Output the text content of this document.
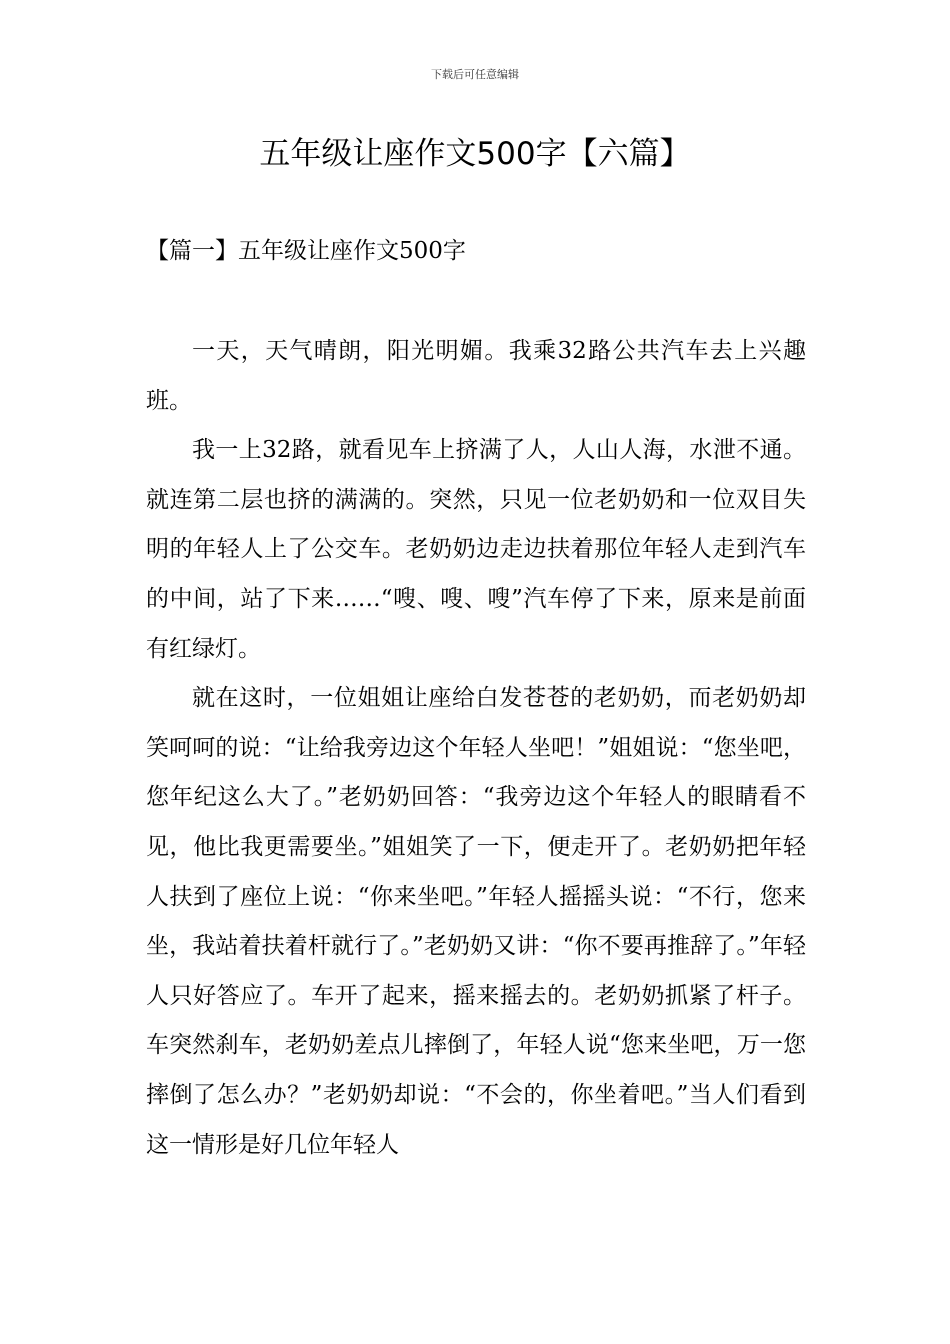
下载后可任意编辑
五年级让座作文500字【六篇】
【篇一】五年级让座作文500字

一天，天气晴朗，阳光明媚。我乘32路公共汽车去上兴趣班。

我一上32路，就看见车上挤满了人，人山人海，水泄不通。就连第二层也挤的满满的。突然，只见一位老奶奶和一位双目失明的年轻人上了公交车。老奶奶边走边扶着那位年轻人走到汽车的中间，站了下来……“嗖、嗖、嗖”汽车停了下来，原来是前面有红绿灯。

就在这时，一位姐姐让座给白发苍苍的老奶奶，而老奶奶却笑呵呵的说：“让给我旁边这个年轻人坐吧！”姐姐说：“您坐吧，您年纪这么大了。”老奶奶回答：“我旁边这个年轻人的眼睛看不见，他比我更需要坐。”姐姐笑了一下，便走开了。老奶奶把年轻人扶到了座位上说：“你来坐吧。”年轻人摇摇头说：“不行，您来坐，我站着扶着杆就行了。”老奶奶又讲：“你不要再推辞了。”年轻人只好答应了。车开了起来，摇来摇去的。老奶奶抓紧了杆子。车突然刹车，老奶奶差点儿摔倒了，年轻人说“您来坐吧，万一您摔倒了怎么办？”老奶奶却说：“不会的，你坐着吧。”当人们看到这一情形是好几位年轻人
